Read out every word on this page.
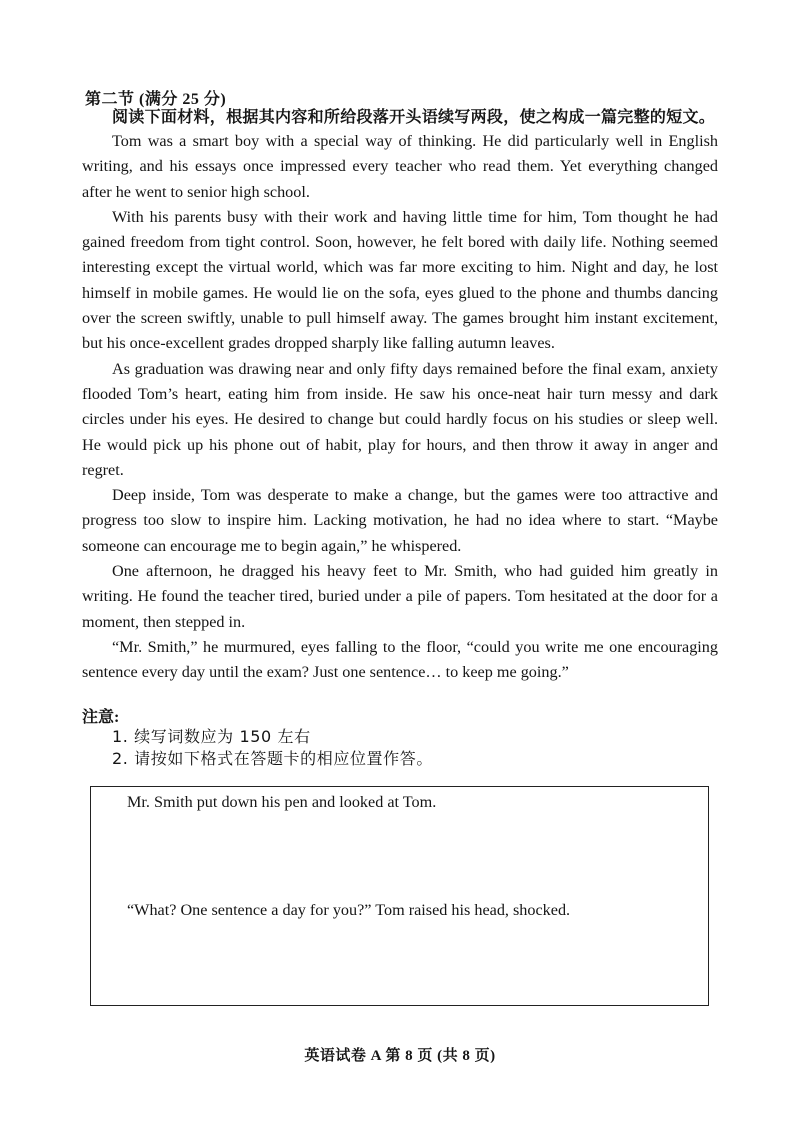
第二节 (满分 25 分)
阅读下面材料，根据其内容和所给段落开头语续写两段，使之构成一篇完整的短文。

Tom was a smart boy with a special way of thinking. He did particularly well in English writing, and his essays once impressed every teacher who read them. Yet everything changed after he went to senior high school.

With his parents busy with their work and having little time for him, Tom thought he had gained freedom from tight control. Soon, however, he felt bored with daily life. Nothing seemed interesting except the virtual world, which was far more exciting to him. Night and day, he lost himself in mobile games. He would lie on the sofa, eyes glued to the phone and thumbs dancing over the screen swiftly, unable to pull himself away. The games brought him instant excitement, but his once-excellent grades dropped sharply like falling autumn leaves.

As graduation was drawing near and only fifty days remained before the final exam, anxiety flooded Tom’s heart, eating him from inside. He saw his once-neat hair turn messy and dark circles under his eyes. He desired to change but could hardly focus on his studies or sleep well. He would pick up his phone out of habit, play for hours, and then throw it away in anger and regret.

Deep inside, Tom was desperate to make a change, but the games were too attractive and progress too slow to inspire him. Lacking motivation, he had no idea where to start. “Maybe someone can encourage me to begin again,” he whispered.

One afternoon, he dragged his heavy feet to Mr. Smith, who had guided him greatly in writing. He found the teacher tired, buried under a pile of papers. Tom hesitated at the door for a moment, then stepped in.

“Mr. Smith,” he murmured, eyes falling to the floor, “could you write me one encouraging sentence every day until the exam? Just one sentence… to keep me going.”

注意:
1. 续写词数应为 150 左右
2. 请按如下格式在答题卡的相应位置作答。
Mr. Smith put down his pen and looked at Tom.
“What? One sentence a day for you?” Tom raised his head, shocked.
英语试卷 A 第 8 页 (共 8 页)
